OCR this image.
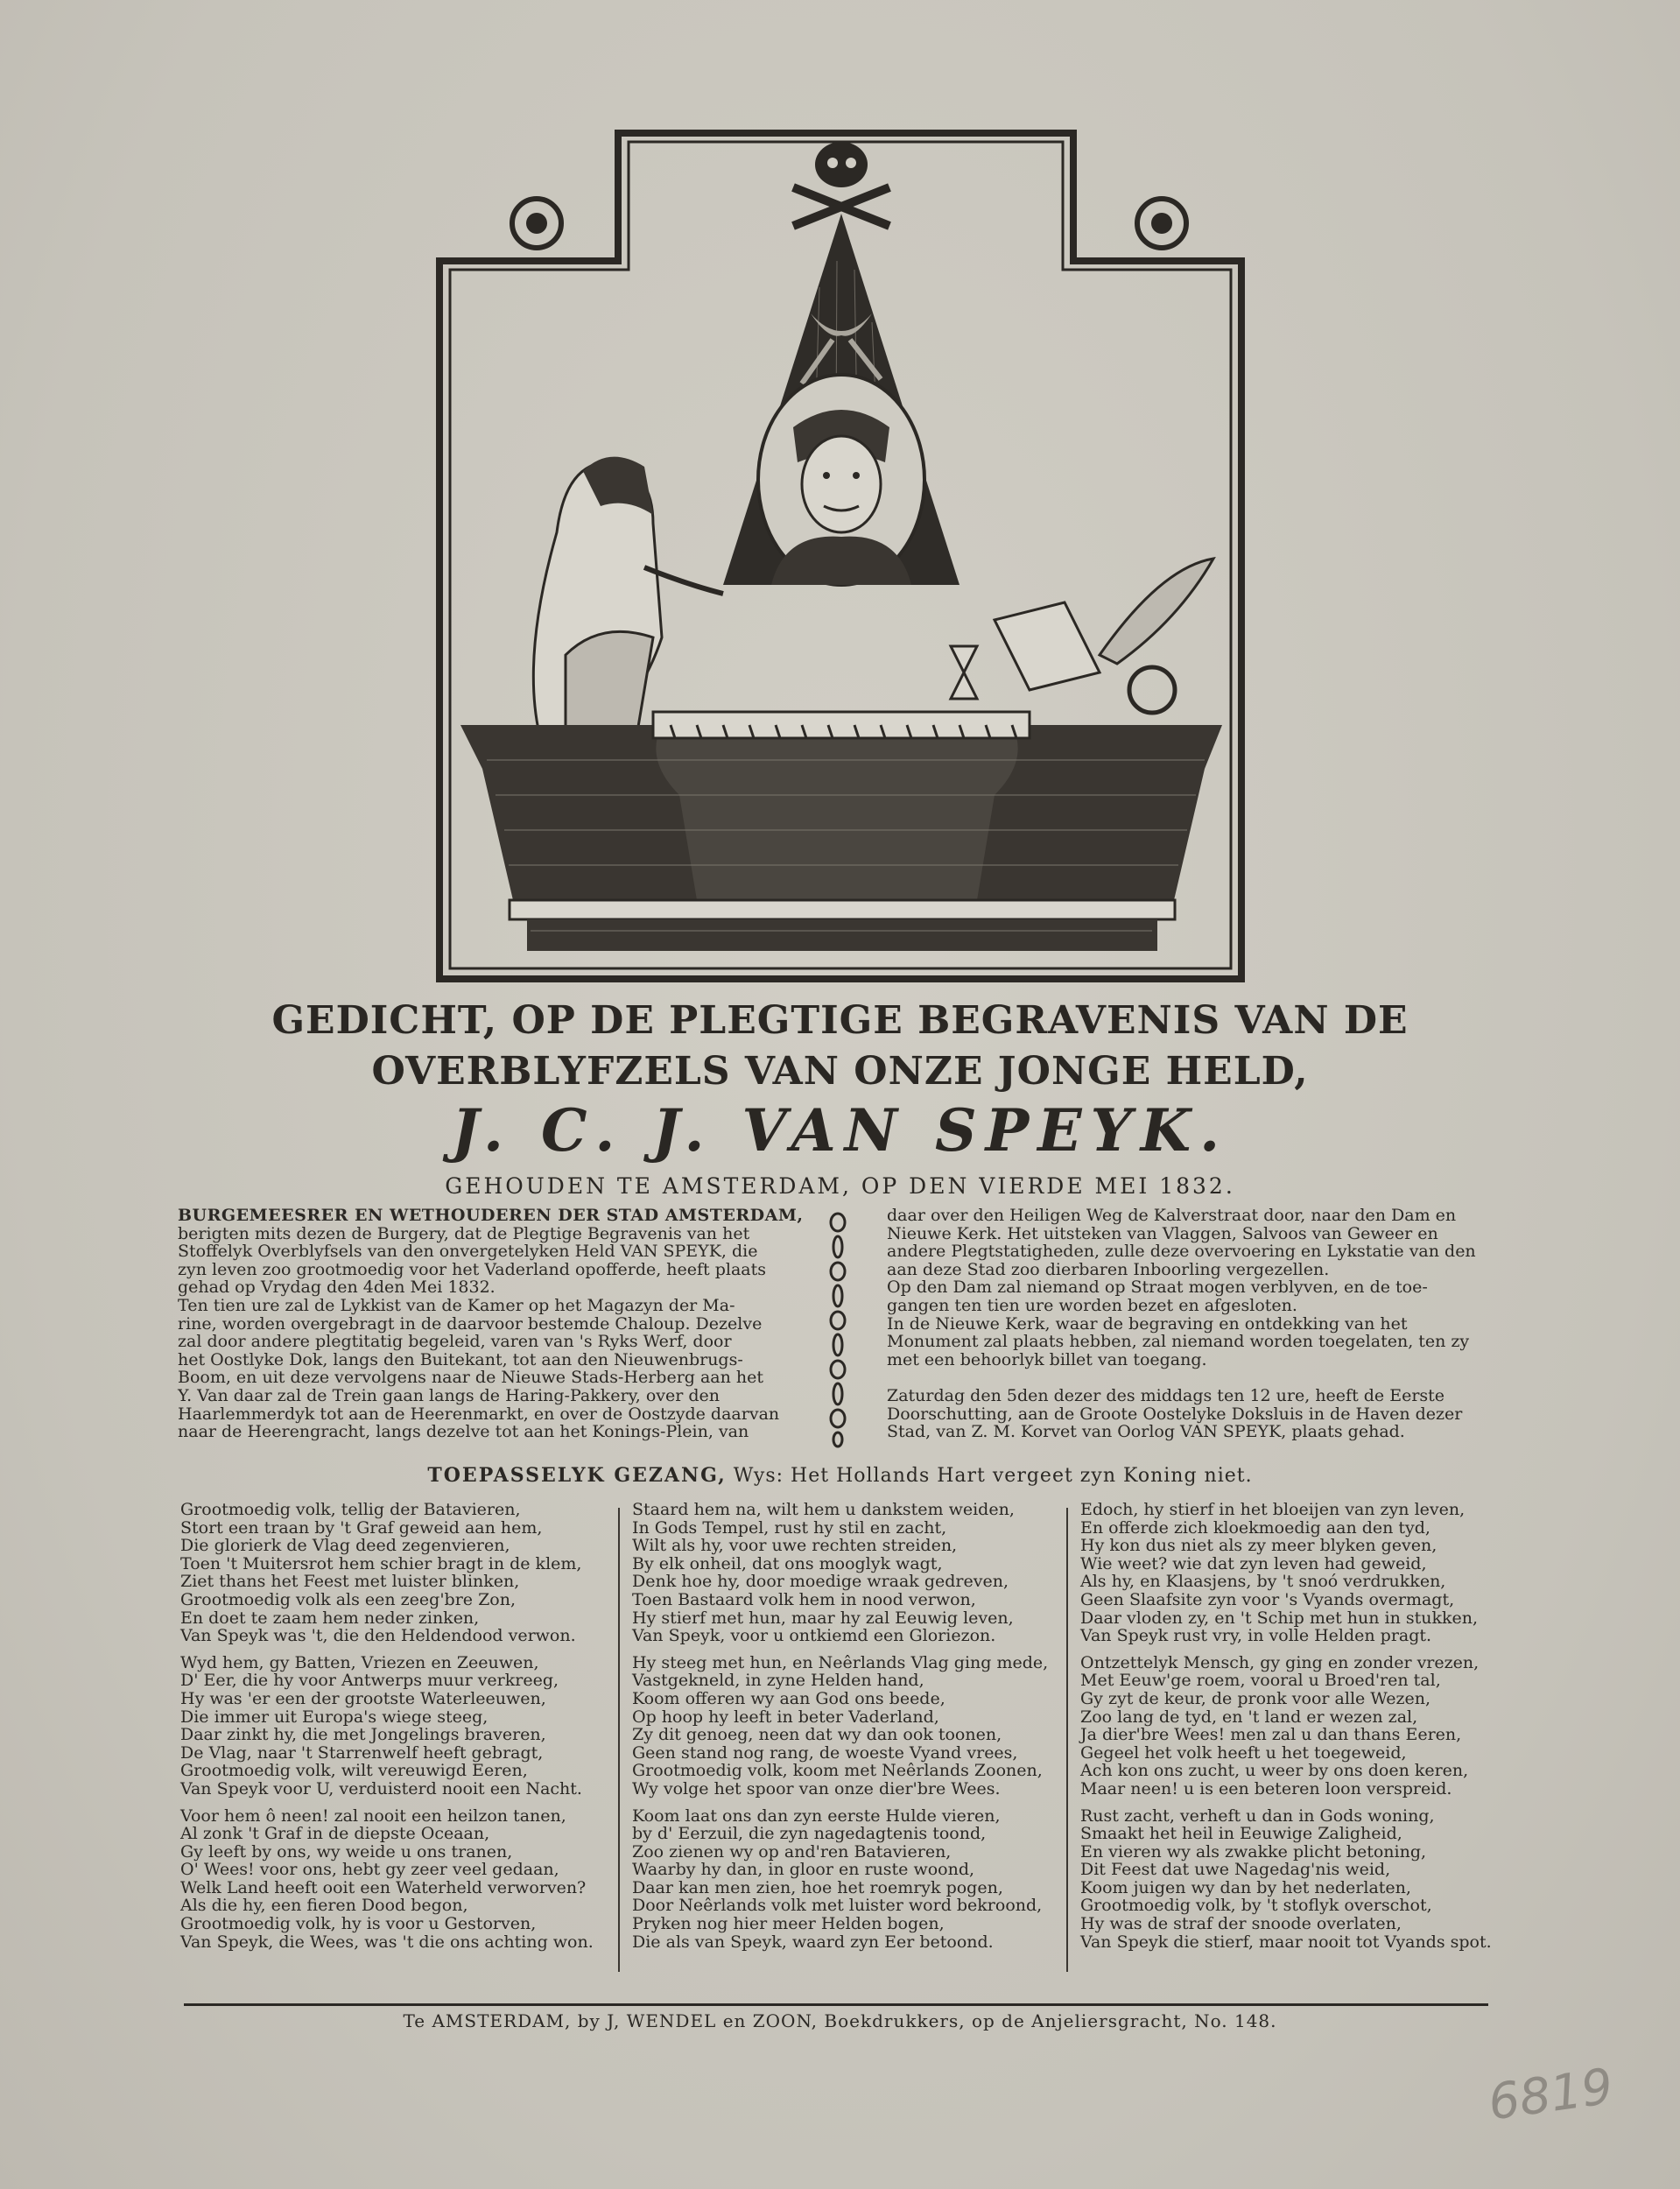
GEDICHT, OP DE PLEGTIGE BEGRAVENIS VAN DE
OVERBLYFZELS VAN ONZE JONGE HELD,
J. C. J. VAN SPEYK.
GEHOUDEN TE AMSTERDAM, OP DEN VIERDE MEI 1832.

BURGEMEESRER EN WETHOUDEREN DER STAD AMSTERDAM,

berigten mits dezen de Burgery, dat de Plegtige Begravenis van het

Stoffelyk Overblyfsels van den onvergetelyken Held VAN SPEYK, die

zyn leven zoo grootmoedig voor het Vaderland opofferde, heeft plaats

gehad op Vrydag den 4den Mei 1832.

Ten tien ure zal de Lykkist van de Kamer op het Magazyn der Ma-

rine, worden overgebragt in de daarvoor bestemde Chaloup. Dezelve

zal door andere plegtitatig begeleid, varen van 's Ryks Werf, door

het Oostlyke Dok, langs den Buitekant, tot aan den Nieuwenbrugs-

Boom, en uit deze vervolgens naar de Nieuwe Stads-Herberg aan het

Y. Van daar zal de Trein gaan langs de Haring-Pakkery, over den

Haarlemmerdyk tot aan de Heerenmarkt, en over de Oostzyde daarvan

naar de Heerengracht, langs dezelve tot aan het Konings-Plein, van

daar over den Heiligen Weg de Kalverstraat door, naar den Dam en

Nieuwe Kerk. Het uitsteken van Vlaggen, Salvoos van Geweer en

andere Plegtstatigheden, zulle deze overvoering en Lykstatie van den

aan deze Stad zoo dierbaren Inboorling vergezellen.

Op den Dam zal niemand op Straat mogen verblyven, en de toe-

gangen ten tien ure worden bezet en afgesloten.

In de Nieuwe Kerk, waar de begraving en ontdekking van het

Monument zal plaats hebben, zal niemand worden toegelaten, ten zy

met een behoorlyk billet van toegang.

Zaturdag den 5den dezer des middags ten 12 ure, heeft de Eerste

Doorschutting, aan de Groote Oostelyke Doksluis in de Haven dezer

Stad, van Z. M. Korvet van Oorlog VAN SPEYK, plaats gehad.

TOEPASSELYK GEZANG, Wys: Het Hollands Hart vergeet zyn Koning niet.
Grootmoedig volk, tellig der Batavieren,
Stort een traan by 't Graf geweid aan hem,
Die glorierk de Vlag deed zegenvieren,
Toen 't Muitersrot hem schier bragt in de klem,
Ziet thans het Feest met luister blinken,
Grootmoedig volk als een zeeg'bre Zon,
En doet te zaam hem neder zinken,
Van Speyk was 't, die den Heldendood verwon.
Wyd hem, gy Batten, Vriezen en Zeeuwen,
D' Eer, die hy voor Antwerps muur verkreeg,
Hy was 'er een der grootste Waterleeuwen,
Die immer uit Europa's wiege steeg,
Daar zinkt hy, die met Jongelings braveren,
De Vlag, naar 't Starrenwelf heeft gebragt,
Grootmoedig volk, wilt vereuwigd Eeren,
Van Speyk voor U, verduisterd nooit een Nacht.
Voor hem ô neen! zal nooit een heilzon tanen,
Al zonk 't Graf in de diepste Oceaan,
Gy leeft by ons, wy weide u ons tranen,
O' Wees! voor ons, hebt gy zeer veel gedaan,
Welk Land heeft ooit een Waterheld verworven?
Als die hy, een fieren Dood begon,
Grootmoedig volk, hy is voor u Gestorven,
Van Speyk, die Wees, was 't die ons achting won.
Staard hem na, wilt hem u dankstem weiden,
In Gods Tempel, rust hy stil en zacht,
Wilt als hy, voor uwe rechten streiden,
By elk onheil, dat ons mooglyk wagt,
Denk hoe hy, door moedige wraak gedreven,
Toen Bastaard volk hem in nood verwon,
Hy stierf met hun, maar hy zal Eeuwig leven,
Van Speyk, voor u ontkiemd een Gloriezon.
Hy steeg met hun, en Neêrlands Vlag ging mede,
Vastgekneld, in zyne Helden hand,
Koom offeren wy aan God ons beede,
Op hoop hy leeft in beter Vaderland,
Zy dit genoeg, neen dat wy dan ook toonen,
Geen stand nog rang, de woeste Vyand vrees,
Grootmoedig volk, koom met Neêrlands Zoonen,
Wy volge het spoor van onze dier'bre Wees.
Koom laat ons dan zyn eerste Hulde vieren,
by d' Eerzuil, die zyn nagedagtenis toond,
Zoo zienen wy op and'ren Batavieren,
Waarby hy dan, in gloor en ruste woond,
Daar kan men zien, hoe het roemryk pogen,
Door Neêrlands volk met luister word bekroond,
Pryken nog hier meer Helden bogen,
Die als van Speyk, waard zyn Eer betoond.
Edoch, hy stierf in het bloeijen van zyn leven,
En offerde zich kloekmoedig aan den tyd,
Hy kon dus niet als zy meer blyken geven,
Wie weet? wie dat zyn leven had geweid,
Als hy, en Klaasjens, by 't snoó verdrukken,
Geen Slaafsite zyn voor 's Vyands overmagt,
Daar vloden zy, en 't Schip met hun in stukken,
Van Speyk rust vry, in volle Helden pragt.
Ontzettelyk Mensch, gy ging en zonder vrezen,
Met Eeuw'ge roem, vooral u Broed'ren tal,
Gy zyt de keur, de pronk voor alle Wezen,
Zoo lang de tyd, en 't land er wezen zal,
Ja dier'bre Wees! men zal u dan thans Eeren,
Gegeel het volk heeft u het toegeweid,
Ach kon ons zucht, u weer by ons doen keren,
Maar neen! u is een beteren loon verspreid.
Rust zacht, verheft u dan in Gods woning,
Smaakt het heil in Eeuwige Zaligheid,
En vieren wy als zwakke plicht betoning,
Dit Feest dat uwe Nagedag'nis weid,
Koom juigen wy dan by het nederlaten,
Grootmoedig volk, by 't stoflyk overschot,
Hy was de straf der snoode overlaten,
Van Speyk die stierf, maar nooit tot Vyands spot.
Te AMSTERDAM, by J, WENDEL en ZOON, Boekdrukkers, op de Anjeliersgracht, No. 148.
6819
